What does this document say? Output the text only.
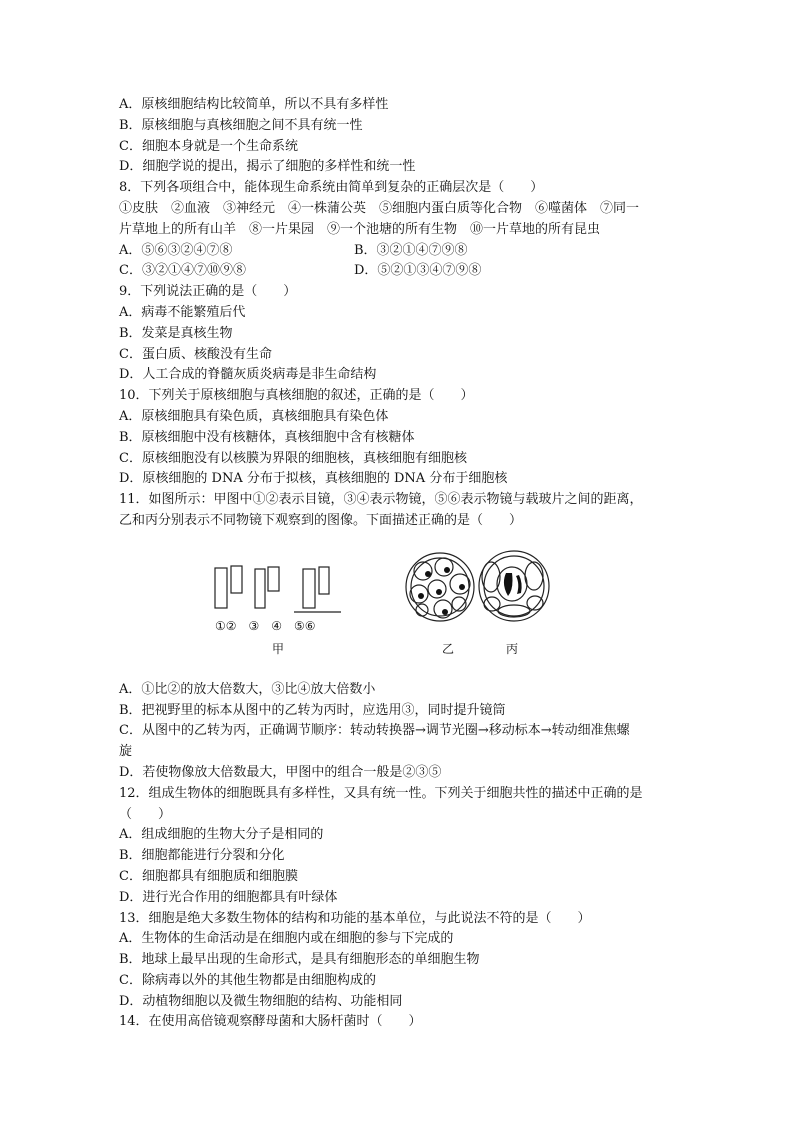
A．原核细胞结构比较简单，所以不具有多样性
B．原核细胞与真核细胞之间不具有统一性
C．细胞本身就是一个生命系统
D．细胞学说的提出，揭示了细胞的多样性和统一性
8．下列各项组合中，能体现生命系统由简单到复杂的正确层次是（　　）
①皮肤　②血液　③神经元　④一株蒲公英　⑤细胞内蛋白质等化合物　⑥噬菌体　⑦同一
片草地上的所有山羊　⑧一片果园　⑨一个池塘的所有生物　⑩一片草地的所有昆虫
A．⑤⑥③②④⑦⑧	B．③②①④⑦⑨⑧
C．③②①④⑦⑩⑨⑧	D．⑤②①③④⑦⑨⑧
9．下列说法正确的是（　　）
A．病毒不能繁殖后代
B．发菜是真核生物
C．蛋白质、核酸没有生命
D．人工合成的脊髓灰质炎病毒是非生命结构
10．下列关于原核细胞与真核细胞的叙述，正确的是（　　）
A．原核细胞具有染色质，真核细胞具有染色体
B．原核细胞中没有核糖体，真核细胞中含有核糖体
C．原核细胞没有以核膜为界限的细胞核，真核细胞有细胞核
D．原核细胞的 DNA 分布于拟核，真核细胞的 DNA 分布于细胞核
11．如图所示：甲图中①②表示目镜，③④表示物镜，⑤⑥表示物镜与载玻片之间的距离，
乙和丙分别表示不同物镜下观察到的图像。下面描述正确的是（　　）
①②　③　④　⑤⑥
甲	乙	丙
A．①比②的放大倍数大，③比④放大倍数小
B．把视野里的标本从图中的乙转为丙时，应选用③，同时提升镜筒
C．从图中的乙转为丙，正确调节顺序：转动转换器→调节光圈→移动标本→转动细准焦螺
旋
D．若使物像放大倍数最大，甲图中的组合一般是②③⑤
12．组成生物体的细胞既具有多样性，又具有统一性。下列关于细胞共性的描述中正确的是
（　　）
A．组成细胞的生物大分子是相同的
B．细胞都能进行分裂和分化
C．细胞都具有细胞质和细胞膜
D．进行光合作用的细胞都具有叶绿体
13．细胞是绝大多数生物体的结构和功能的基本单位，与此说法不符的是（　　）
A．生物体的生命活动是在细胞内或在细胞的参与下完成的
B．地球上最早出现的生命形式，是具有细胞形态的单细胞生物
C．除病毒以外的其他生物都是由细胞构成的
D．动植物细胞以及微生物细胞的结构、功能相同
14．在使用高倍镜观察酵母菌和大肠杆菌时（　　）
